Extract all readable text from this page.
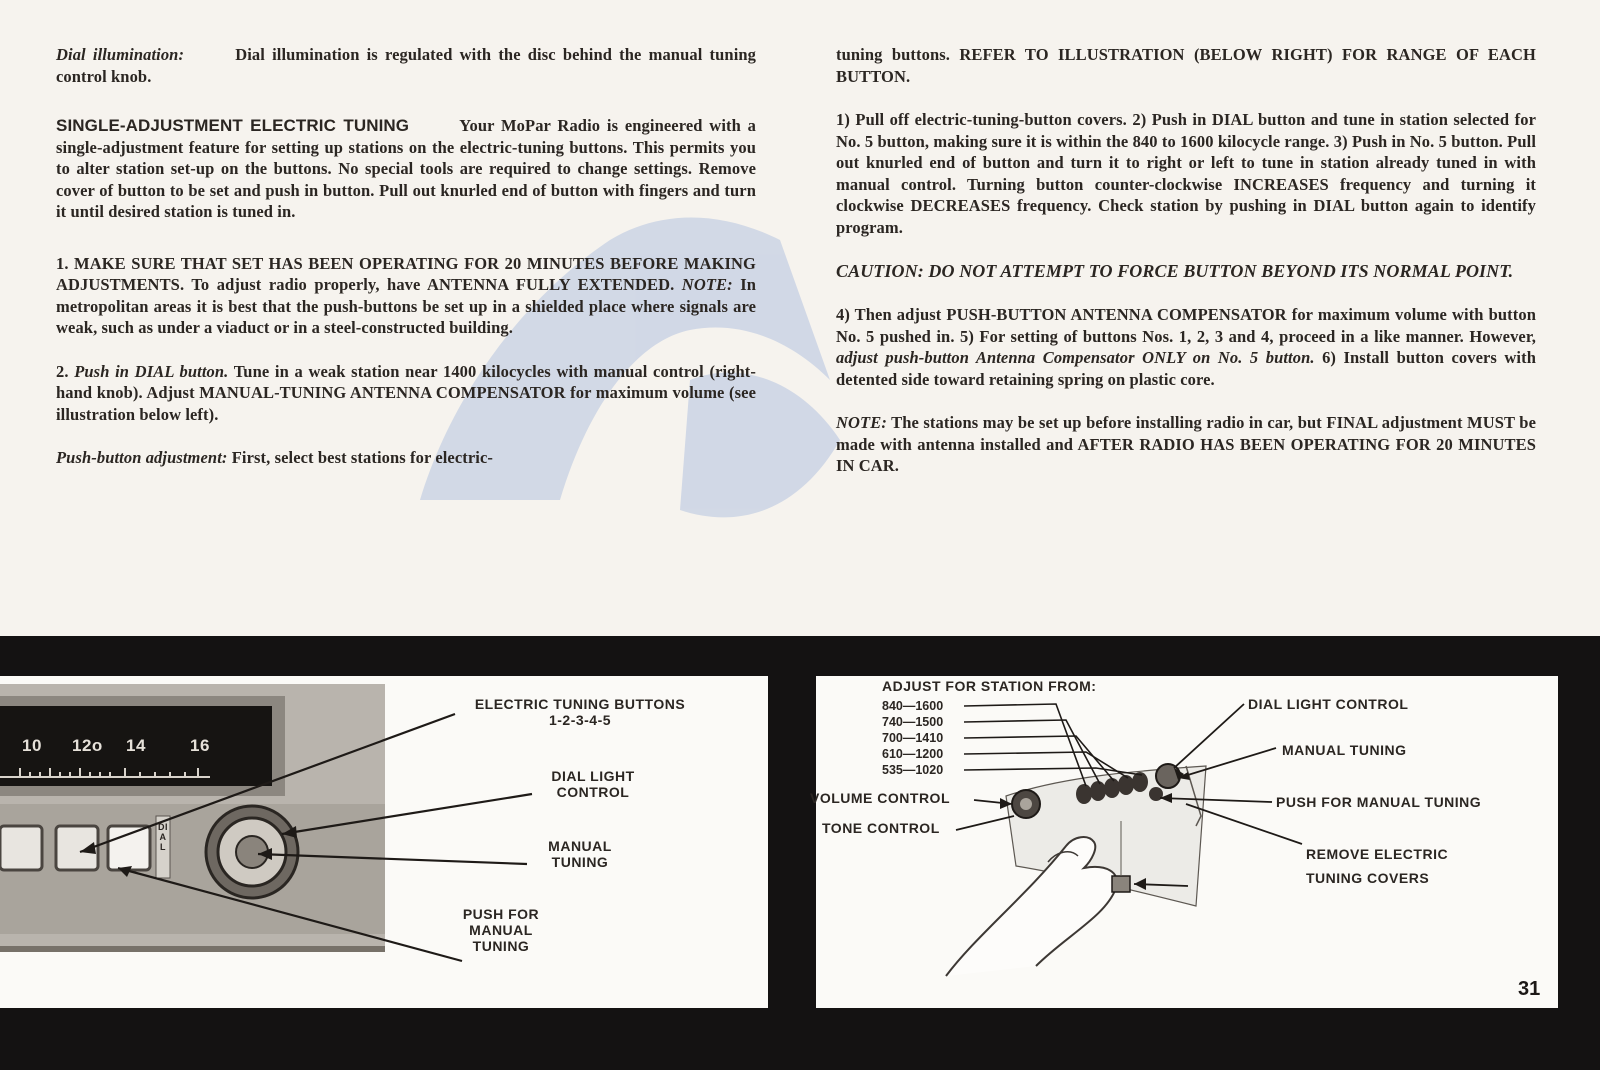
Dial illumination:	Dial illumination is regulated with the disc behind the manual tuning control knob.

SINGLE-ADJUSTMENT ELECTRIC TUNING	Your MoPar Radio is engineered with a single-adjustment feature for setting up stations on the electric-tuning buttons. This permits you to alter station set-up on the buttons. No special tools are required to change settings. Remove cover of button to be set and push in button. Pull out knurled end of button with fingers and turn it until desired station is tuned in.

1. MAKE SURE THAT SET HAS BEEN OPERATING FOR 20 MINUTES BEFORE MAKING ADJUSTMENTS. To adjust radio properly, have ANTENNA FULLY EXTENDED. NOTE: In metropolitan areas it is best that the push-buttons be set up in a shielded place where signals are weak, such as under a viaduct or in a steel-constructed building.

2. Push in DIAL button. Tune in a weak station near 1400 kilocycles with manual control (right-hand knob). Adjust MANUAL-TUNING ANTENNA COMPENSATOR for maximum volume (see illustration below left).

Push-button adjustment: First, select best stations for electric-

tuning buttons. REFER TO ILLUSTRATION (BELOW RIGHT) FOR RANGE OF EACH BUTTON.

1) Pull off electric-tuning-button covers. 2) Push in DIAL button and tune in station selected for No. 5 button, making sure it is within the 840 to 1600 kilocycle range. 3) Push in No. 5 button. Pull out knurled end of button and turn it to right or left to tune in station already tuned in with manual control. Turning button counter-clockwise INCREASES frequency and turning it clockwise DECREASES frequency. Check station by pushing in DIAL button again to identify program.

CAUTION: DO NOT ATTEMPT TO FORCE BUTTON BEYOND ITS NORMAL POINT.

4) Then adjust PUSH-BUTTON ANTENNA COMPENSATOR for maximum volume with button No. 5 pushed in. 5) For setting of buttons Nos. 1, 2, 3 and 4, proceed in a like manner. However, adjust push-button Antenna Compensator ONLY on No. 5 button. 6) Install button covers with detented side toward retaining spring on plastic core.

NOTE: The stations may be set up before installing radio in car, but FINAL adjustment MUST be made with antenna installed and AFTER RADIO HAS BEEN OPERATING FOR 20 MINUTES IN CAR.

10 12o 14	16
DIAL
ELECTRIC TUNING BUTTONS
1-2-3-4-5
DIAL LIGHT
CONTROL
MANUAL
TUNING
PUSH FOR
MANUAL
TUNING
ADJUST FOR STATION FROM:
840—1600
740—1500
700—1410
610—1200
535—1020
VOLUME CONTROL
TONE CONTROL
DIAL LIGHT CONTROL
MANUAL TUNING
PUSH FOR MANUAL TUNING
REMOVE ELECTRIC
TUNING COVERS
31
